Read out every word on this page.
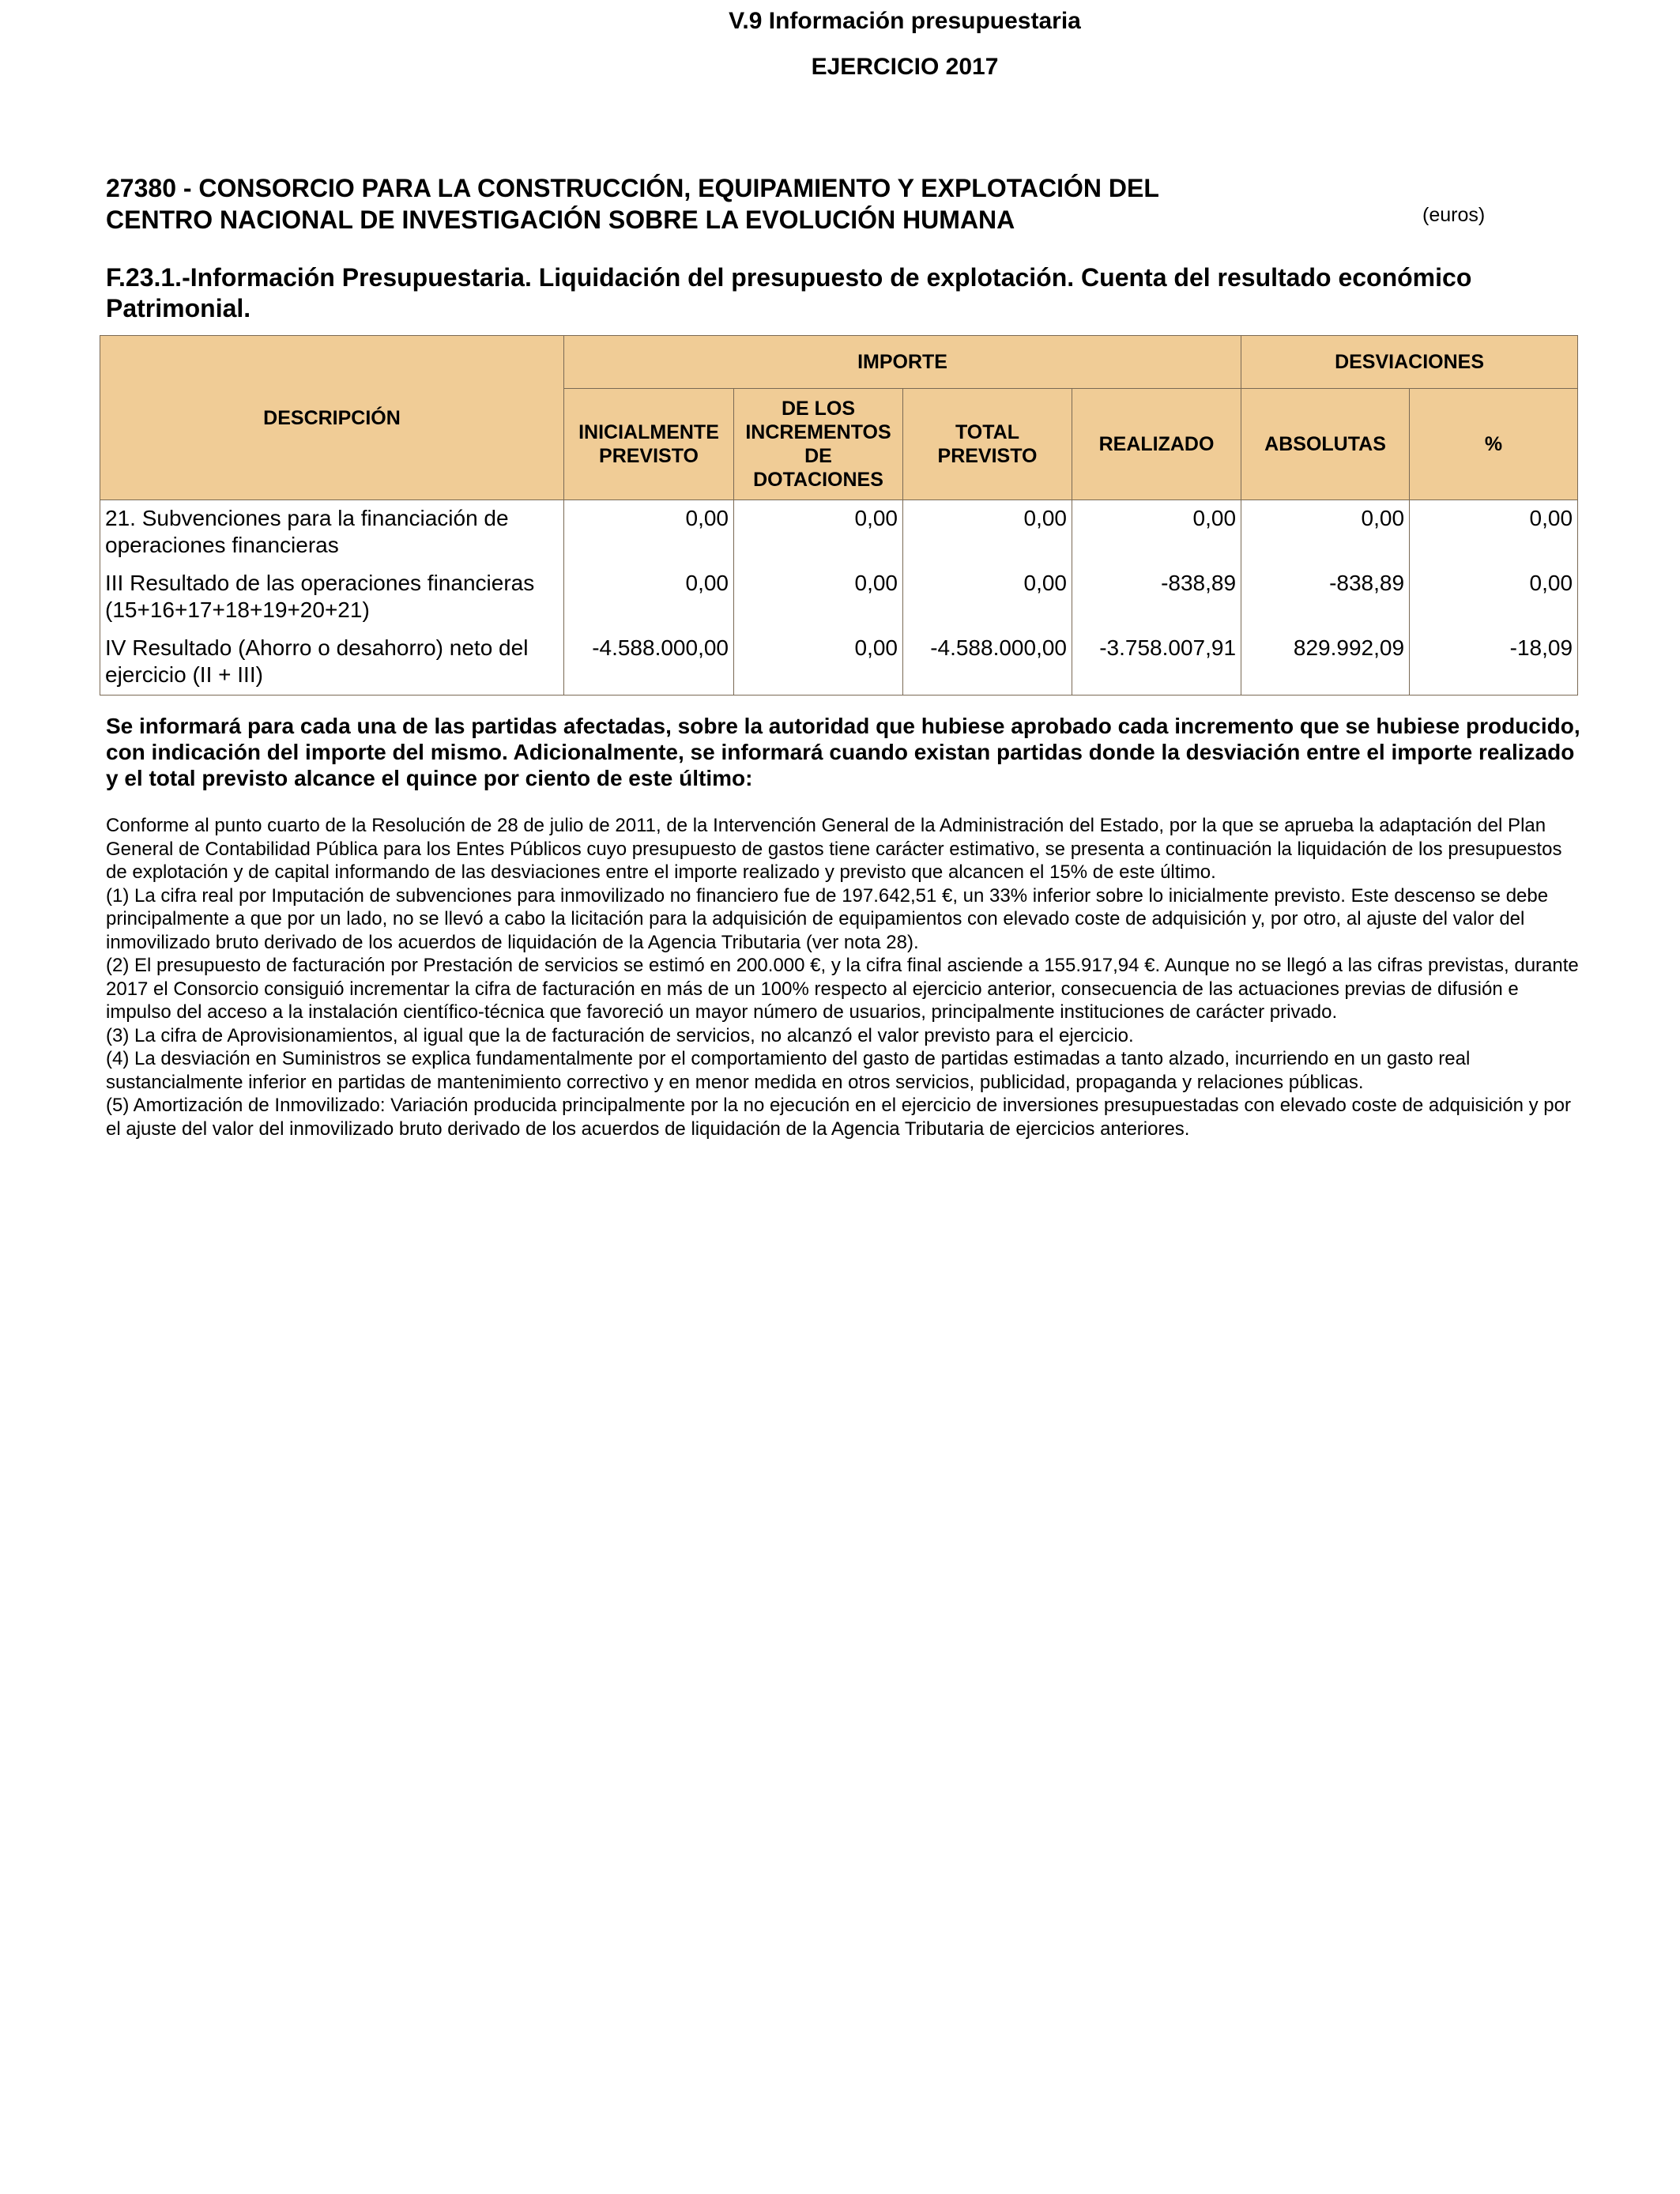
V.9 Información presupuestaria
EJERCICIO 2017
27380 - CONSORCIO PARA LA CONSTRUCCIÓN, EQUIPAMIENTO Y EXPLOTACIÓN DEL
CENTRO NACIONAL DE INVESTIGACIÓN SOBRE LA EVOLUCIÓN HUMANA	(euros)
F.23.1.-Información Presupuestaria. Liquidación del presupuesto de explotación. Cuenta del resultado económico Patrimonial.
DESCRIPCIÓN	IMPORTE				DESVIACIONES	
	INICIALMENTE PREVISTO	DE LOS INCREMENTOS DE DOTACIONES	TOTAL PREVISTO	REALIZADO	ABSOLUTAS	%
21. Subvenciones para la financiación de operaciones financieras	0,00	0,00	0,00	0,00	0,00	0,00
III Resultado de las operaciones financieras (15+16+17+18+19+20+21)	0,00	0,00	0,00	-838,89	-838,89	0,00
IV Resultado (Ahorro o desahorro) neto del ejercicio (II + III)	-4.588.000,00	0,00	-4.588.000,00	-3.758.007,91	829.992,09	-18,09
Se informará para cada una de las partidas afectadas, sobre la autoridad que hubiese aprobado cada incremento que se hubiese producido, con indicación del importe del mismo. Adicionalmente, se informará cuando existan partidas donde la desviación entre el importe realizado y el total previsto alcance el quince por ciento de este último:

Conforme al punto cuarto de la Resolución de 28 de julio de 2011, de la Intervención General de la Administración del Estado, por la que se aprueba la adaptación del Plan General de Contabilidad Pública para los Entes Públicos cuyo presupuesto de gastos tiene carácter estimativo, se presenta a continuación la liquidación de los presupuestos de explotación y de capital informando de las desviaciones entre el importe realizado y previsto que alcancen el 15% de este último.

(1) La cifra real por Imputación de subvenciones para inmovilizado no financiero fue de 197.642,51 €, un 33% inferior sobre lo inicialmente previsto. Este descenso se debe principalmente a que por un lado, no se llevó a cabo la licitación para la adquisición de equipamientos con elevado coste de adquisición y, por otro, al ajuste del valor del inmovilizado bruto derivado de los acuerdos de liquidación de la Agencia Tributaria (ver nota 28).

(2) El presupuesto de facturación por Prestación de servicios se estimó en 200.000 €, y la cifra final asciende a 155.917,94 €. Aunque no se llegó a las cifras previstas, durante 2017 el Consorcio consiguió incrementar la cifra de facturación en más de un 100% respecto al ejercicio anterior, consecuencia de las actuaciones previas de difusión e impulso del acceso a la instalación científico-técnica que favoreció un mayor número de usuarios, principalmente instituciones de carácter privado.

(3) La cifra de Aprovisionamientos, al igual que la de facturación de servicios, no alcanzó el valor previsto para el ejercicio.

(4) La desviación en Suministros se explica fundamentalmente por el comportamiento del gasto de partidas estimadas a tanto alzado, incurriendo en un gasto real sustancialmente inferior en partidas de mantenimiento correctivo y en menor medida en otros servicios, publicidad, propaganda y relaciones públicas.

(5) Amortización de Inmovilizado: Variación producida principalmente por la no ejecución en el ejercicio de inversiones presupuestadas con elevado coste de adquisición y por el ajuste del valor del inmovilizado bruto derivado de los acuerdos de liquidación de la Agencia Tributaria de ejercicios anteriores.
